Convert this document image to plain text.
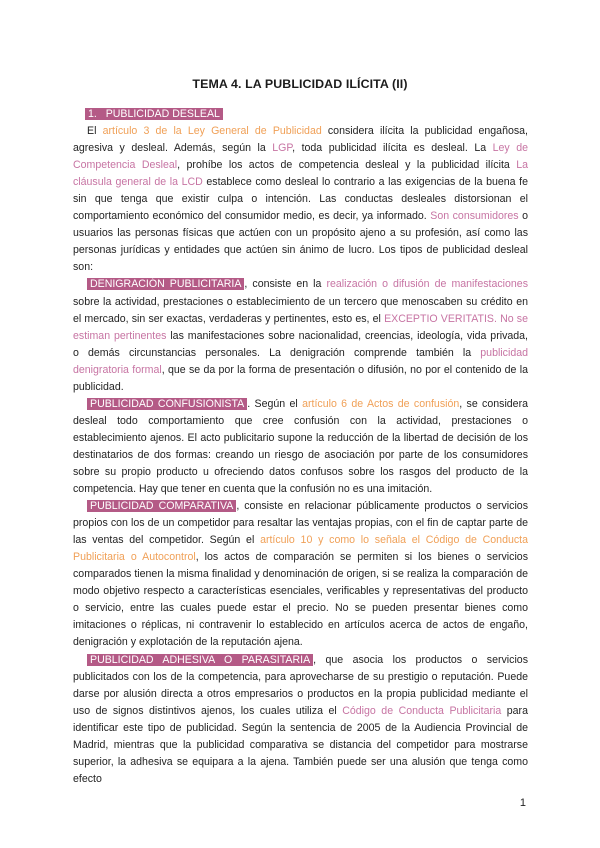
TEMA 4. LA PUBLICIDAD ILÍCITA (II)

1. PUBLICIDAD DESLEAL

El artículo 3 de la Ley General de Publicidad considera ilícita la publicidad engañosa, agresiva y desleal. Además, según la LGP, toda publicidad ilícita es desleal. La Ley de Competencia Desleal, prohíbe los actos de competencia desleal y la publicidad ilícita La cláusula general de la LCD establece como desleal lo contrario a las exigencias de la buena fe sin que tenga que existir culpa o intención. Las conductas desleales distorsionan el comportamiento económico del consumidor medio, es decir, ya informado. Son consumidores o usuarios las personas físicas que actúen con un propósito ajeno a su profesión, así como las personas jurídicas y entidades que actúen sin ánimo de lucro. Los tipos de publicidad desleal son:

DENIGRACIÓN PUBLICITARIA , consiste en la realización o difusión de manifestaciones sobre la actividad, prestaciones o establecimiento de un tercero que menoscaben su crédito en el mercado, sin ser exactas, verdaderas y pertinentes, esto es, el EXCEPTIO VERITATIS. No se estiman pertinentes las manifestaciones sobre nacionalidad, creencias, ideología, vida privada, o demás circunstancias personales. La denigración comprende también la publicidad denigratoria formal, que se da por la forma de presentación o difusión, no por el contenido de la publicidad.

PUBLICIDAD CONFUSIONISTA . Según el artículo 6 de Actos de confusión, se considera desleal todo comportamiento que cree confusión con la actividad, prestaciones o establecimiento ajenos. El acto publicitario supone la reducción de la libertad de decisión de los destinatarios de dos formas: creando un riesgo de asociación por parte de los consumidores sobre su propio producto u ofreciendo datos confusos sobre los rasgos del producto de la competencia. Hay que tener en cuenta que la confusión no es una imitación.

PUBLICIDAD COMPARATIVA , consiste en relacionar públicamente productos o servicios propios con los de un competidor para resaltar las ventajas propias, con el fin de captar parte de las ventas del competidor. Según el artículo 10 y como lo señala el Código de Conducta Publicitaria o Autocontrol, los actos de comparación se permiten si los bienes o servicios comparados tienen la misma finalidad y denominación de origen, si se realiza la comparación de modo objetivo respecto a características esenciales, verificables y representativas del producto o servicio, entre las cuales puede estar el precio. No se pueden presentar bienes como imitaciones o réplicas, ni contravenir lo establecido en artículos acerca de actos de engaño, denigración y explotación de la reputación ajena.

PUBLICIDAD ADHESIVA O PARASITARIA , que asocia los productos o servicios publicitados con los de la competencia, para aprovecharse de su prestigio o reputación. Puede darse por alusión directa a otros empresarios o productos en la propia publicidad mediante el uso de signos distintivos ajenos, los cuales utiliza el Código de Conducta Publicitaria para identificar este tipo de publicidad. Según la sentencia de 2005 de la Audiencia Provincial de Madrid, mientras que la publicidad comparativa se distancia del competidor para mostrarse superior, la adhesiva se equipara a la ajena. También puede ser una alusión que tenga como efecto

1
